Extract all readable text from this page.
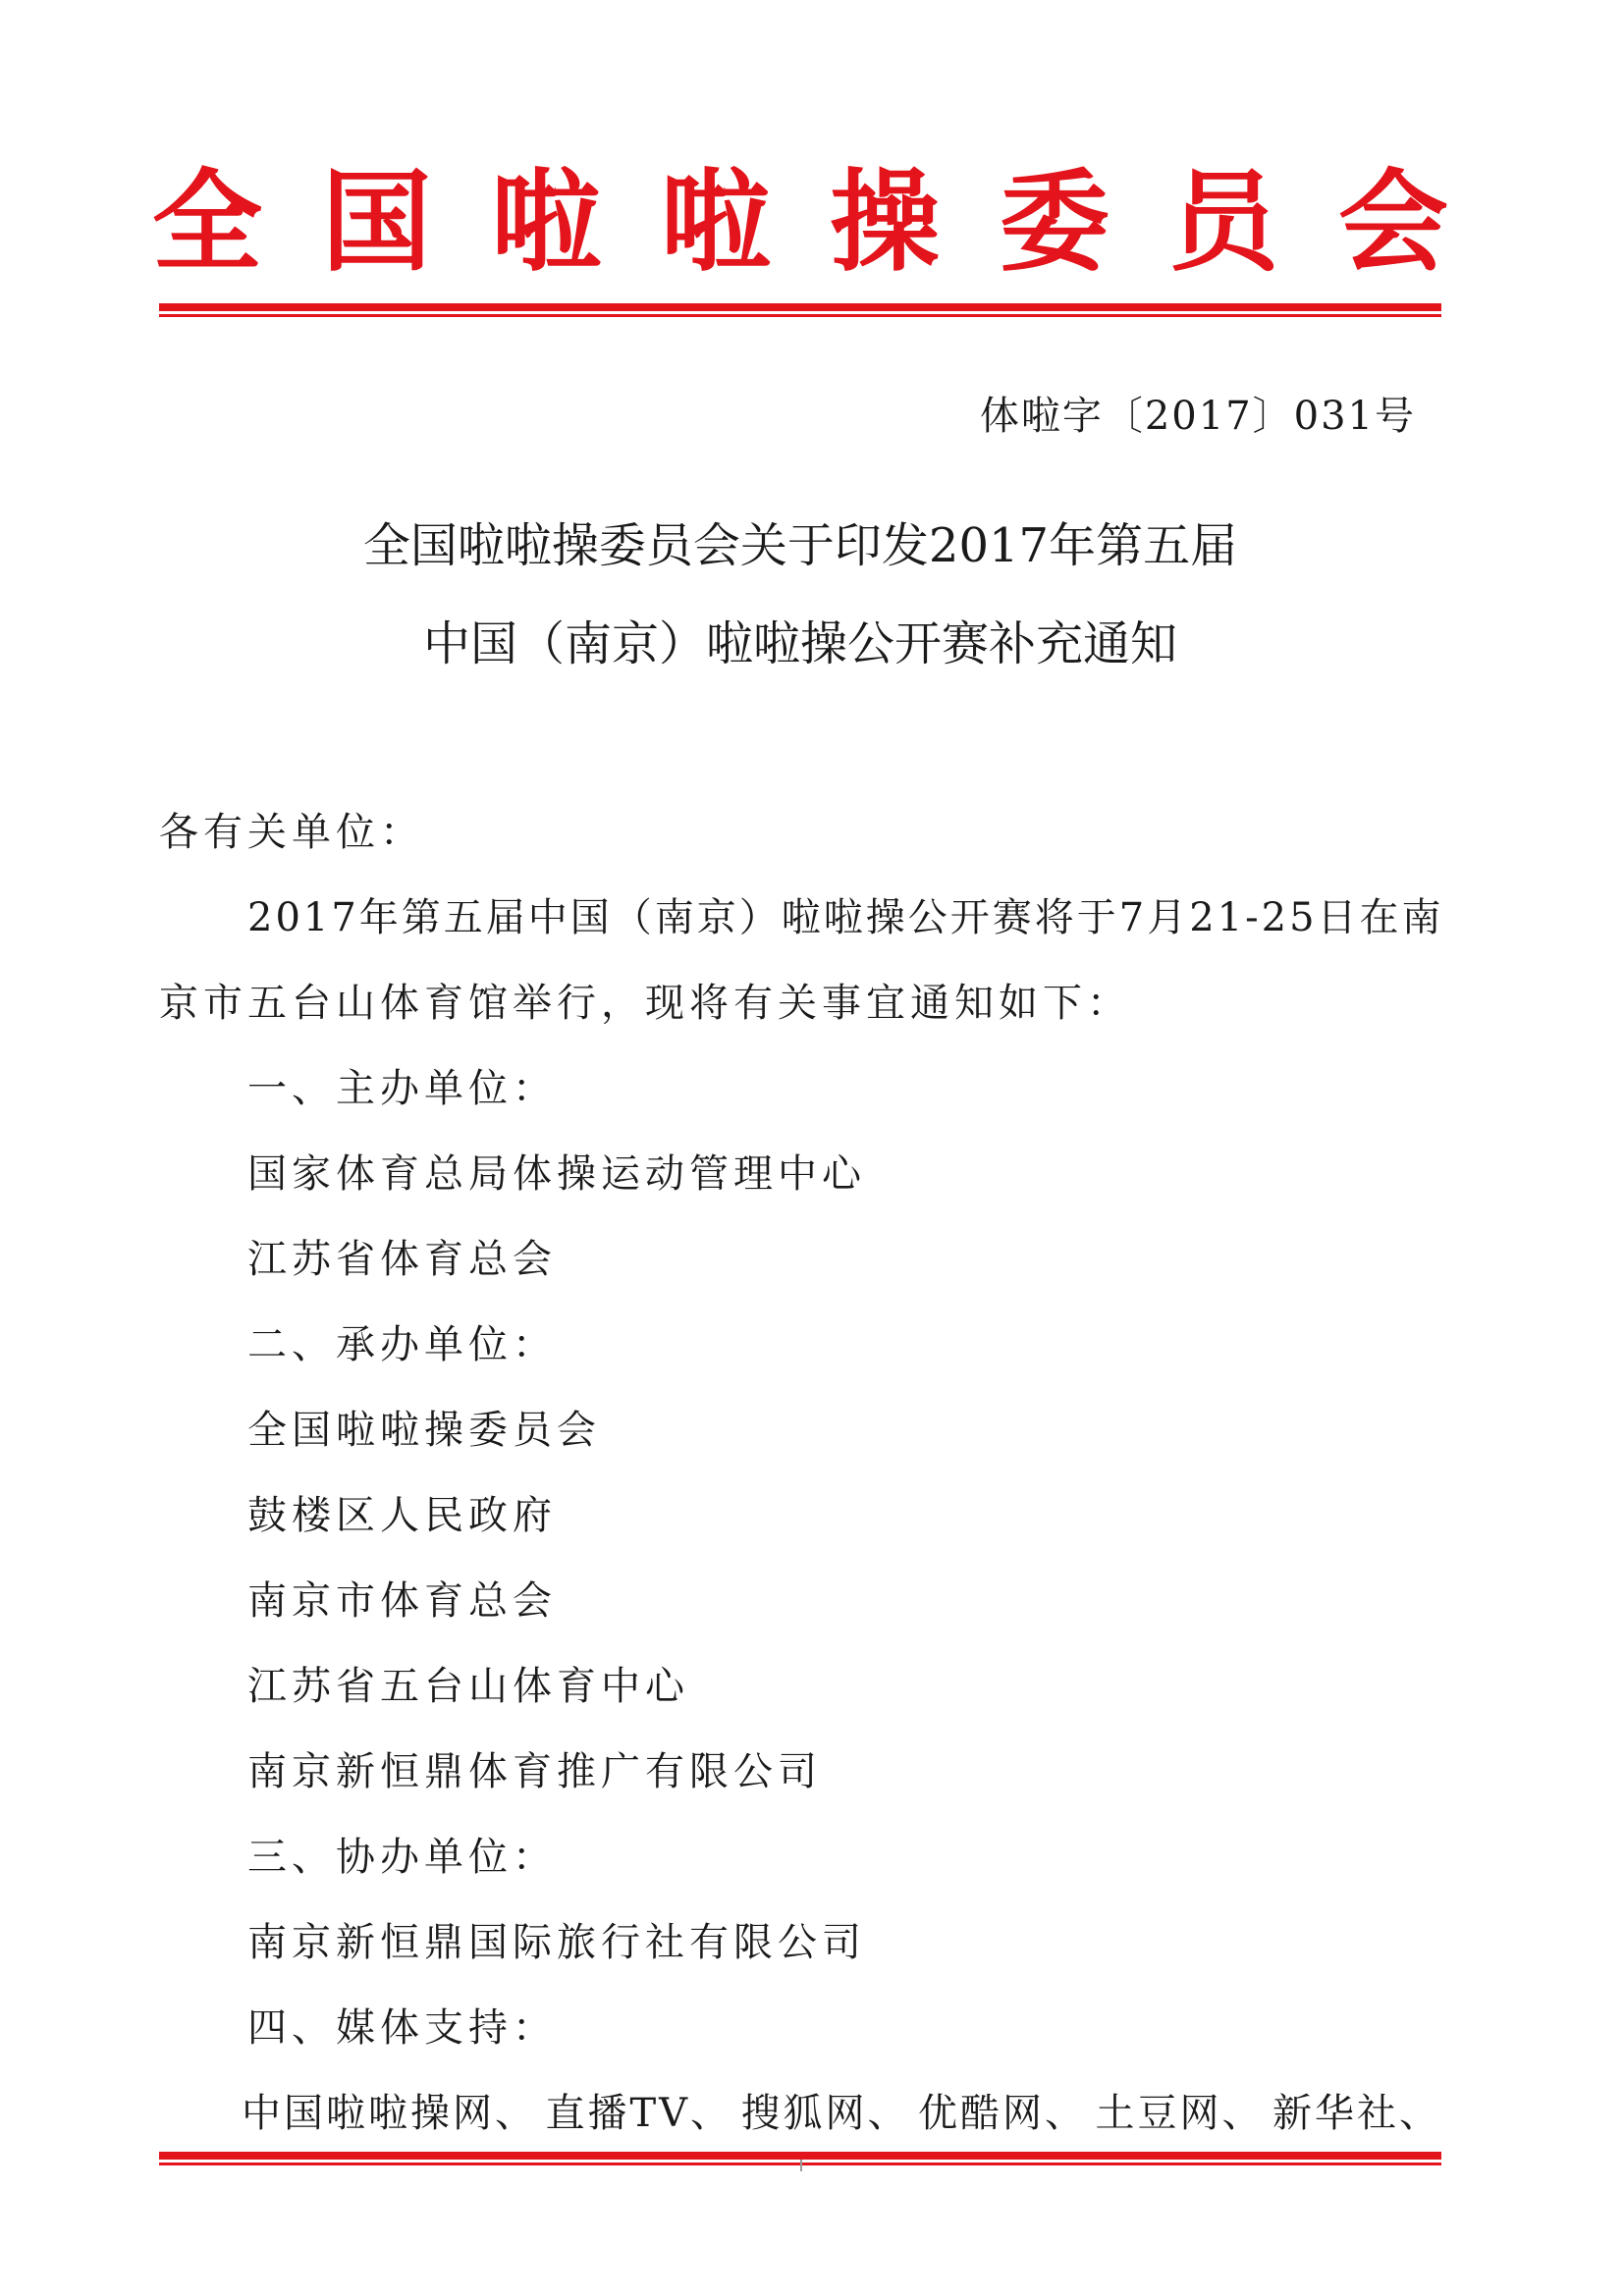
全 国 啦 啦 操 委 员 会
体啦字〔2017〕031号
全国啦啦操委员会关于印发2017年第五届
中国（南京）啦啦操公开赛补充通知
各有关单位：
2017年第五届中国（南京）啦啦操公开赛将于7月21-25日在南
京市五台山体育馆举行，现将有关事宜通知如下：
一、主办单位：
国家体育总局体操运动管理中心
江苏省体育总会
二、承办单位：
全国啦啦操委员会
鼓楼区人民政府
南京市体育总会
江苏省五台山体育中心
南京新恒鼎体育推广有限公司
三、协办单位：
南京新恒鼎国际旅行社有限公司
四、媒体支持：
中国啦啦操网、 直播TV、 搜狐网、 优酷网、 土豆网、 新华社、
